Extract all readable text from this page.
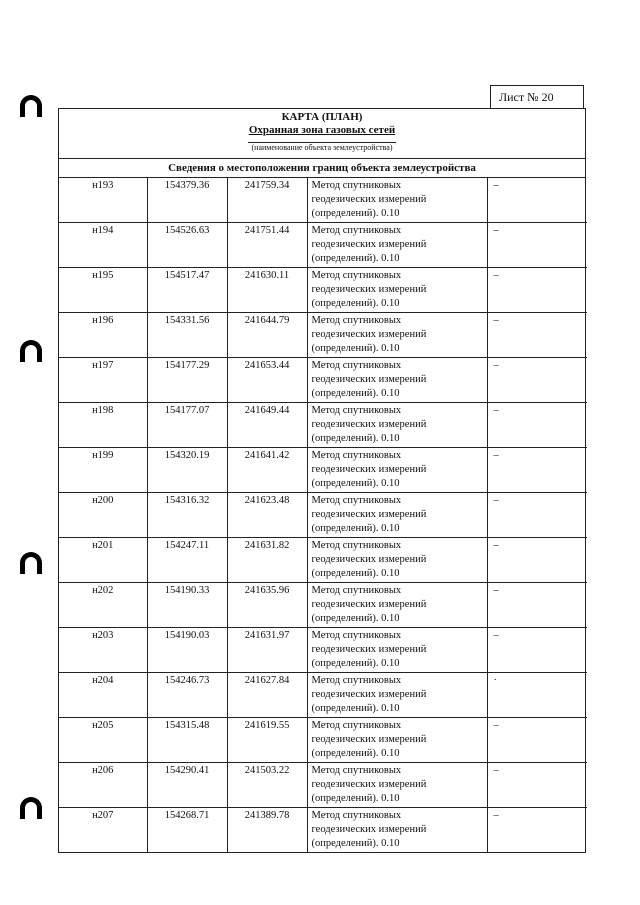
Лист № 20
КАРТА (ПЛАН)
Охранная зона газовых сетей
(наименование объекта землеустройства)
Сведения о местоположении границ объекта землеустройства
н193	154379.36	241759.34	Метод спутниковых
геодезических измерений
(определений). 0.10	–
н194	154526.63	241751.44	Метод спутниковых
геодезических измерений
(определений). 0.10	–
н195	154517.47	241630.11	Метод спутниковых
геодезических измерений
(определений). 0.10	–
н196	154331.56	241644.79	Метод спутниковых
геодезических измерений
(определений). 0.10	–
н197	154177.29	241653.44	Метод спутниковых
геодезических измерений
(определений). 0.10	–
н198	154177.07	241649.44	Метод спутниковых
геодезических измерений
(определений). 0.10	–
н199	154320.19	241641.42	Метод спутниковых
геодезических измерений
(определений). 0.10	–
н200	154316.32	241623.48	Метод спутниковых
геодезических измерений
(определений). 0.10	–
н201	154247.11	241631.82	Метод спутниковых
геодезических измерений
(определений). 0.10	–
н202	154190.33	241635.96	Метод спутниковых
геодезических измерений
(определений). 0.10	–
н203	154190.03	241631.97	Метод спутниковых
геодезических измерений
(определений). 0.10	–
н204	154246.73	241627.84	Метод спутниковых
геодезических измерений
(определений). 0.10	·
н205	154315.48	241619.55	Метод спутниковых
геодезических измерений
(определений). 0.10	–
н206	154290.41	241503.22	Метод спутниковых
геодезических измерений
(определений). 0.10	–
н207	154268.71	241389.78	Метод спутниковых
геодезических измерений
(определений). 0.10	–
